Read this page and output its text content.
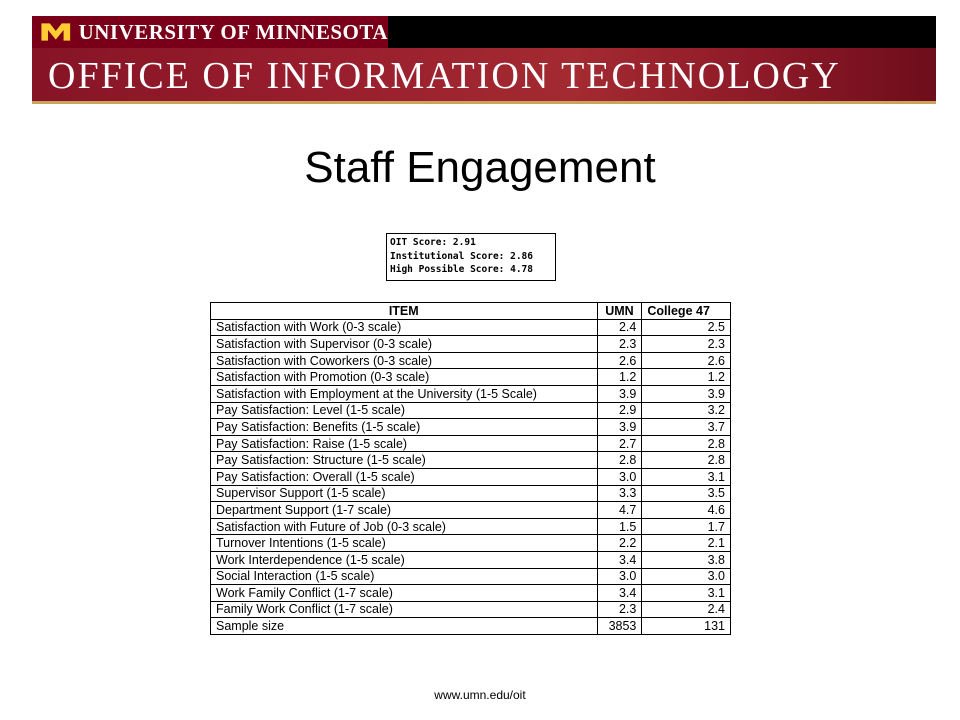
UNIVERSITY OF MINNESOTA
OFFICE OF INFORMATION TECHNOLOGY
Staff Engagement
OIT Score: 2.91
Institutional Score: 2.86
High Possible Score: 4.78
ITEM	UMN	College 47
Satisfaction with Work (0-3 scale)	2.4	2.5
Satisfaction with Supervisor (0-3 scale)	2.3	2.3
Satisfaction with Coworkers (0-3 scale)	2.6	2.6
Satisfaction with Promotion (0-3 scale)	1.2	1.2
Satisfaction with Employment at the University (1-5 Scale)	3.9	3.9
Pay Satisfaction: Level (1-5 scale)	2.9	3.2
Pay Satisfaction: Benefits (1-5 scale)	3.9	3.7
Pay Satisfaction: Raise (1-5 scale)	2.7	2.8
Pay Satisfaction: Structure (1-5 scale)	2.8	2.8
Pay Satisfaction: Overall (1-5 scale)	3.0	3.1
Supervisor Support (1-5 scale)	3.3	3.5
Department Support (1-7 scale)	4.7	4.6
Satisfaction with Future of Job (0-3 scale)	1.5	1.7
Turnover Intentions (1-5 scale)	2.2	2.1
Work Interdependence (1-5 scale)	3.4	3.8
Social Interaction (1-5 scale)	3.0	3.0
Work Family Conflict (1-7 scale)	3.4	3.1
Family Work Conflict (1-7 scale)	2.3	2.4
Sample size	3853	131
www.umn.edu/oit
